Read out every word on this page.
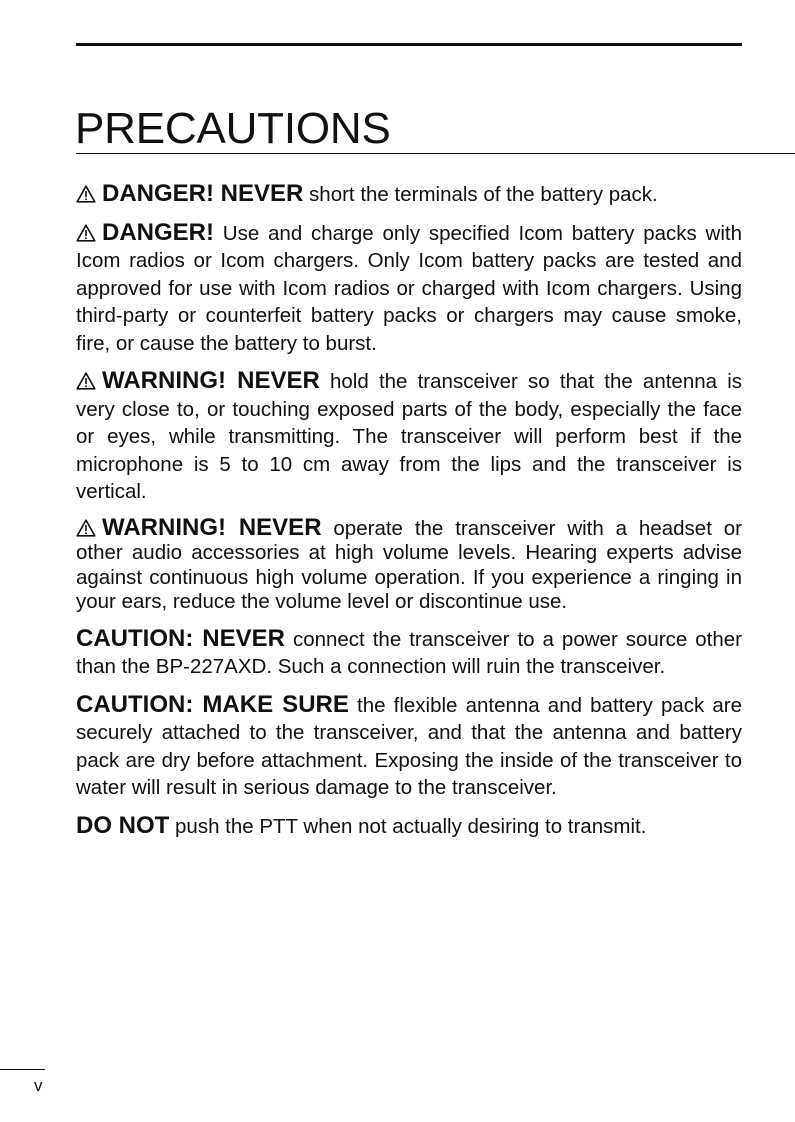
PRECAUTIONS

DANGER! NEVER short the terminals of the battery pack.

DANGER! Use and charge only specified Icom battery packs with Icom radios or Icom chargers. Only Icom battery packs are tested and approved for use with Icom radios or charged with Icom chargers. Using third-party or counterfeit battery packs or chargers may cause smoke, fire, or cause the battery to burst.

WARNING! NEVER hold the transceiver so that the antenna is very close to, or touching exposed parts of the body, especially the face or eyes, while transmitting. The transceiver will perform best if the microphone is 5 to 10 cm away from the lips and the transceiver is vertical.

WARNING! NEVER operate the transceiver with a headset or other audio accessories at high volume levels. Hearing experts advise against continuous high volume operation. If you experience a ringing in your ears, reduce the volume level or discontinue use.

CAUTION: NEVER connect the transceiver to a power source other than the BP-227AXD. Such a connection will ruin the transceiver.

CAUTION: MAKE SURE the flexible antenna and battery pack are securely attached to the transceiver, and that the antenna and battery pack are dry before attachment. Exposing the inside of the transceiver to water will result in serious damage to the transceiver.

DO NOT push the PTT when not actually desiring to transmit.

v
